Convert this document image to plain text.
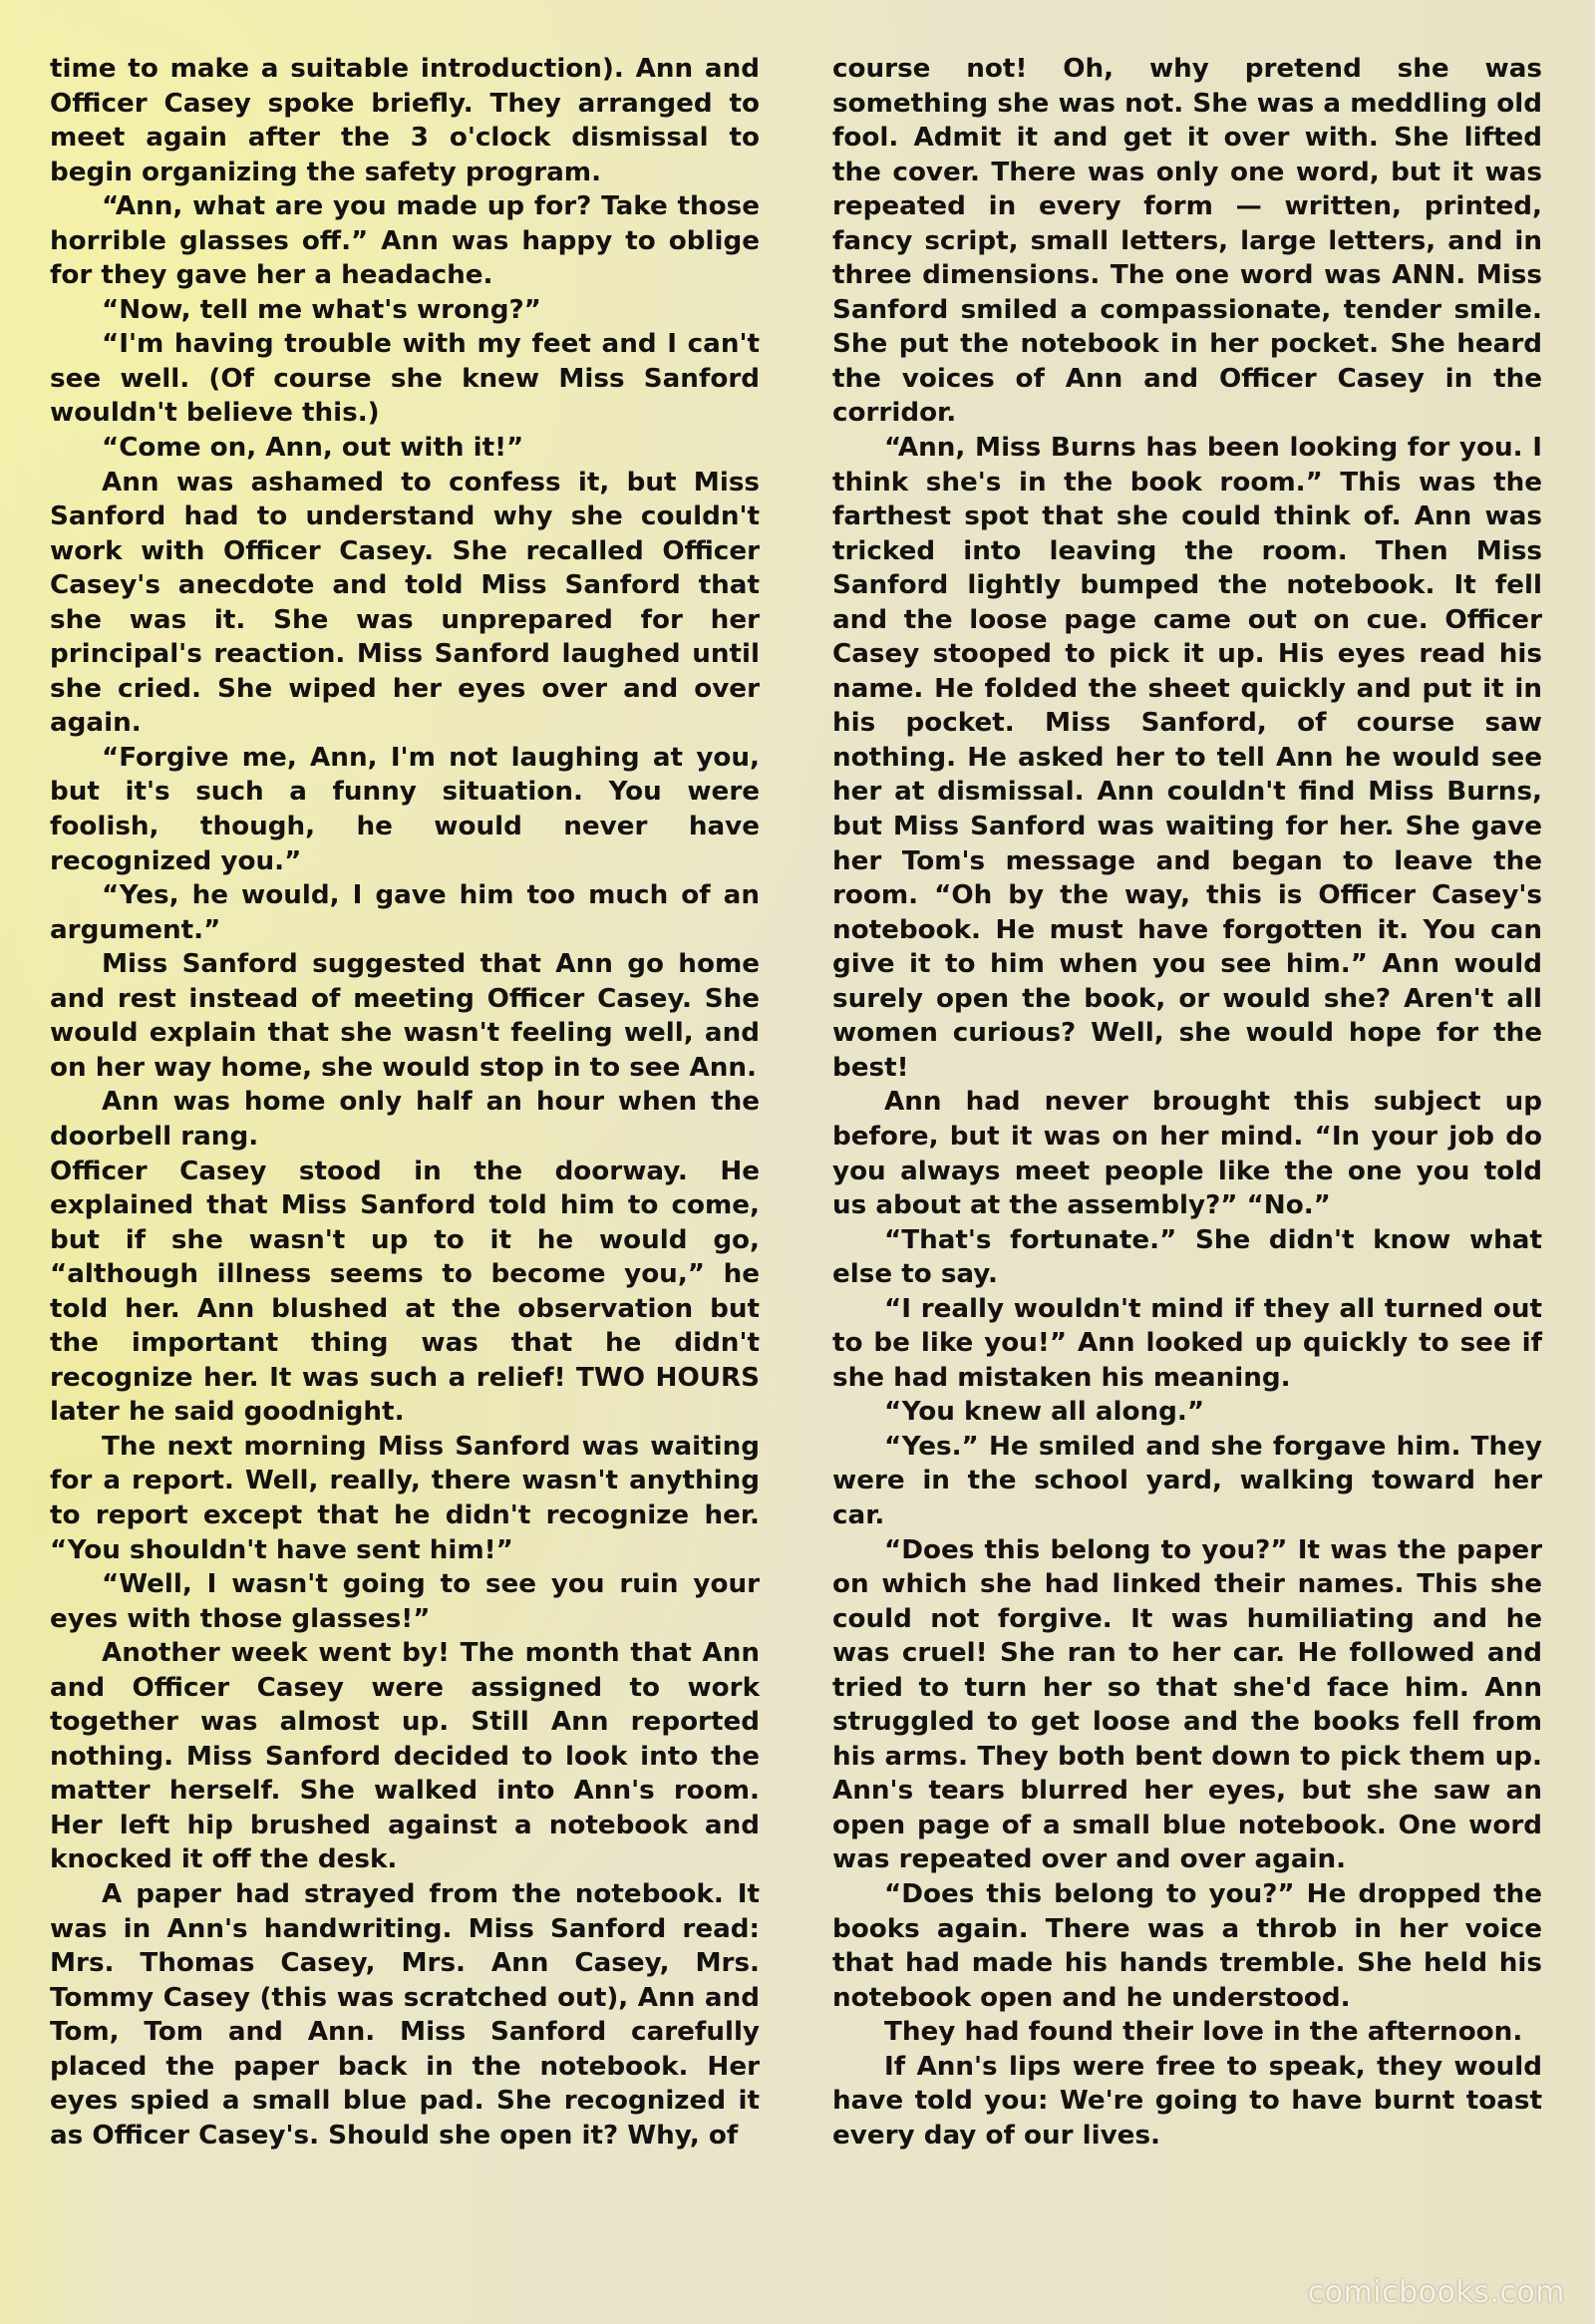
time to make a suitable introduction). Ann and Officer Casey spoke briefly. They arranged to meet again after the 3 o'clock dismissal to begin organizing the safety program.

“Ann, what are you made up for? Take those horrible glasses off.” Ann was happy to oblige for they gave her a headache.

“Now, tell me what's wrong?”

“I'm having trouble with my feet and I can't see well. (Of course she knew Miss Sanford wouldn't believe this.)

“Come on, Ann, out with it!”

Ann was ashamed to confess it, but Miss Sanford had to understand why she couldn't work with Officer Casey. She recalled Officer Casey's anecdote and told Miss Sanford that she was it. She was unprepared for her principal's reaction. Miss Sanford laughed until she cried. She wiped her eyes over and over again.

“Forgive me, Ann, I'm not laughing at you, but it's such a funny situation. You were foolish, though, he would never have recognized you.”

“Yes, he would, I gave him too much of an argument.”

Miss Sanford suggested that Ann go home and rest instead of meeting Officer Casey. She would explain that she wasn't feeling well, and on her way home, she would stop in to see Ann.

Ann was home only half an hour when the doorbell rang.

Officer Casey stood in the doorway. He explained that Miss Sanford told him to come, but if she wasn't up to it he would go, “although illness seems to become you,” he told her. Ann blushed at the observation but the important thing was that he didn't recognize her. It was such a relief! TWO HOURS later he said goodnight.

The next morning Miss Sanford was waiting for a report. Well, really, there wasn't anything to report except that he didn't recognize her. “You shouldn't have sent him!”

“Well, I wasn't going to see you ruin your eyes with those glasses!”

Another week went by! The month that Ann and Officer Casey were assigned to work together was almost up. Still Ann reported nothing. Miss Sanford decided to look into the matter herself. She walked into Ann's room. Her left hip brushed against a notebook and knocked it off the desk.

A paper had strayed from the notebook. It was in Ann's handwriting. Miss Sanford read: Mrs. Thomas Casey, Mrs. Ann Casey, Mrs. Tommy Casey (this was scratched out), Ann and Tom, Tom and Ann. Miss Sanford carefully placed the paper back in the notebook. Her eyes spied a small blue pad. She recognized it as Officer Casey's. Should she open it? Why, of

course not! Oh, why pretend she was something she was not. She was a meddling old fool. Admit it and get it over with. She lifted the cover. There was only one word, but it was repeated in every form — written, printed, fancy script, small letters, large letters, and in three dimensions. The one word was ANN. Miss Sanford smiled a compassionate, tender smile. She put the notebook in her pocket. She heard the voices of Ann and Officer Casey in the corridor.

“Ann, Miss Burns has been looking for you. I think she's in the book room.” This was the farthest spot that she could think of. Ann was tricked into leaving the room. Then Miss Sanford lightly bumped the notebook. It fell and the loose page came out on cue. Officer Casey stooped to pick it up. His eyes read his name. He folded the sheet quickly and put it in his pocket. Miss Sanford, of course saw nothing. He asked her to tell Ann he would see her at dismissal. Ann couldn't find Miss Burns, but Miss Sanford was waiting for her. She gave her Tom's message and began to leave the room. “Oh by the way, this is Officer Casey's notebook. He must have forgotten it. You can give it to him when you see him.” Ann would surely open the book, or would she? Aren't all women curious? Well, she would hope for the best!

Ann had never brought this subject up before, but it was on her mind. “In your job do you always meet people like the one you told us about at the assembly?” “No.”

“That's fortunate.” She didn't know what else to say.

“I really wouldn't mind if they all turned out to be like you!” Ann looked up quickly to see if she had mistaken his meaning.

“You knew all along.”

“Yes.” He smiled and she forgave him. They were in the school yard, walking toward her car.

“Does this belong to you?” It was the paper on which she had linked their names. This she could not forgive. It was humiliating and he was cruel! She ran to her car. He followed and tried to turn her so that she'd face him. Ann struggled to get loose and the books fell from his arms. They both bent down to pick them up. Ann's tears blurred her eyes, but she saw an open page of a small blue notebook. One word was repeated over and over again.

“Does this belong to you?” He dropped the books again. There was a throb in her voice that had made his hands tremble. She held his notebook open and he understood.

They had found their love in the afternoon.

If Ann's lips were free to speak, they would have told you: We're going to have burnt toast every day of our lives.

comicbooks.com
